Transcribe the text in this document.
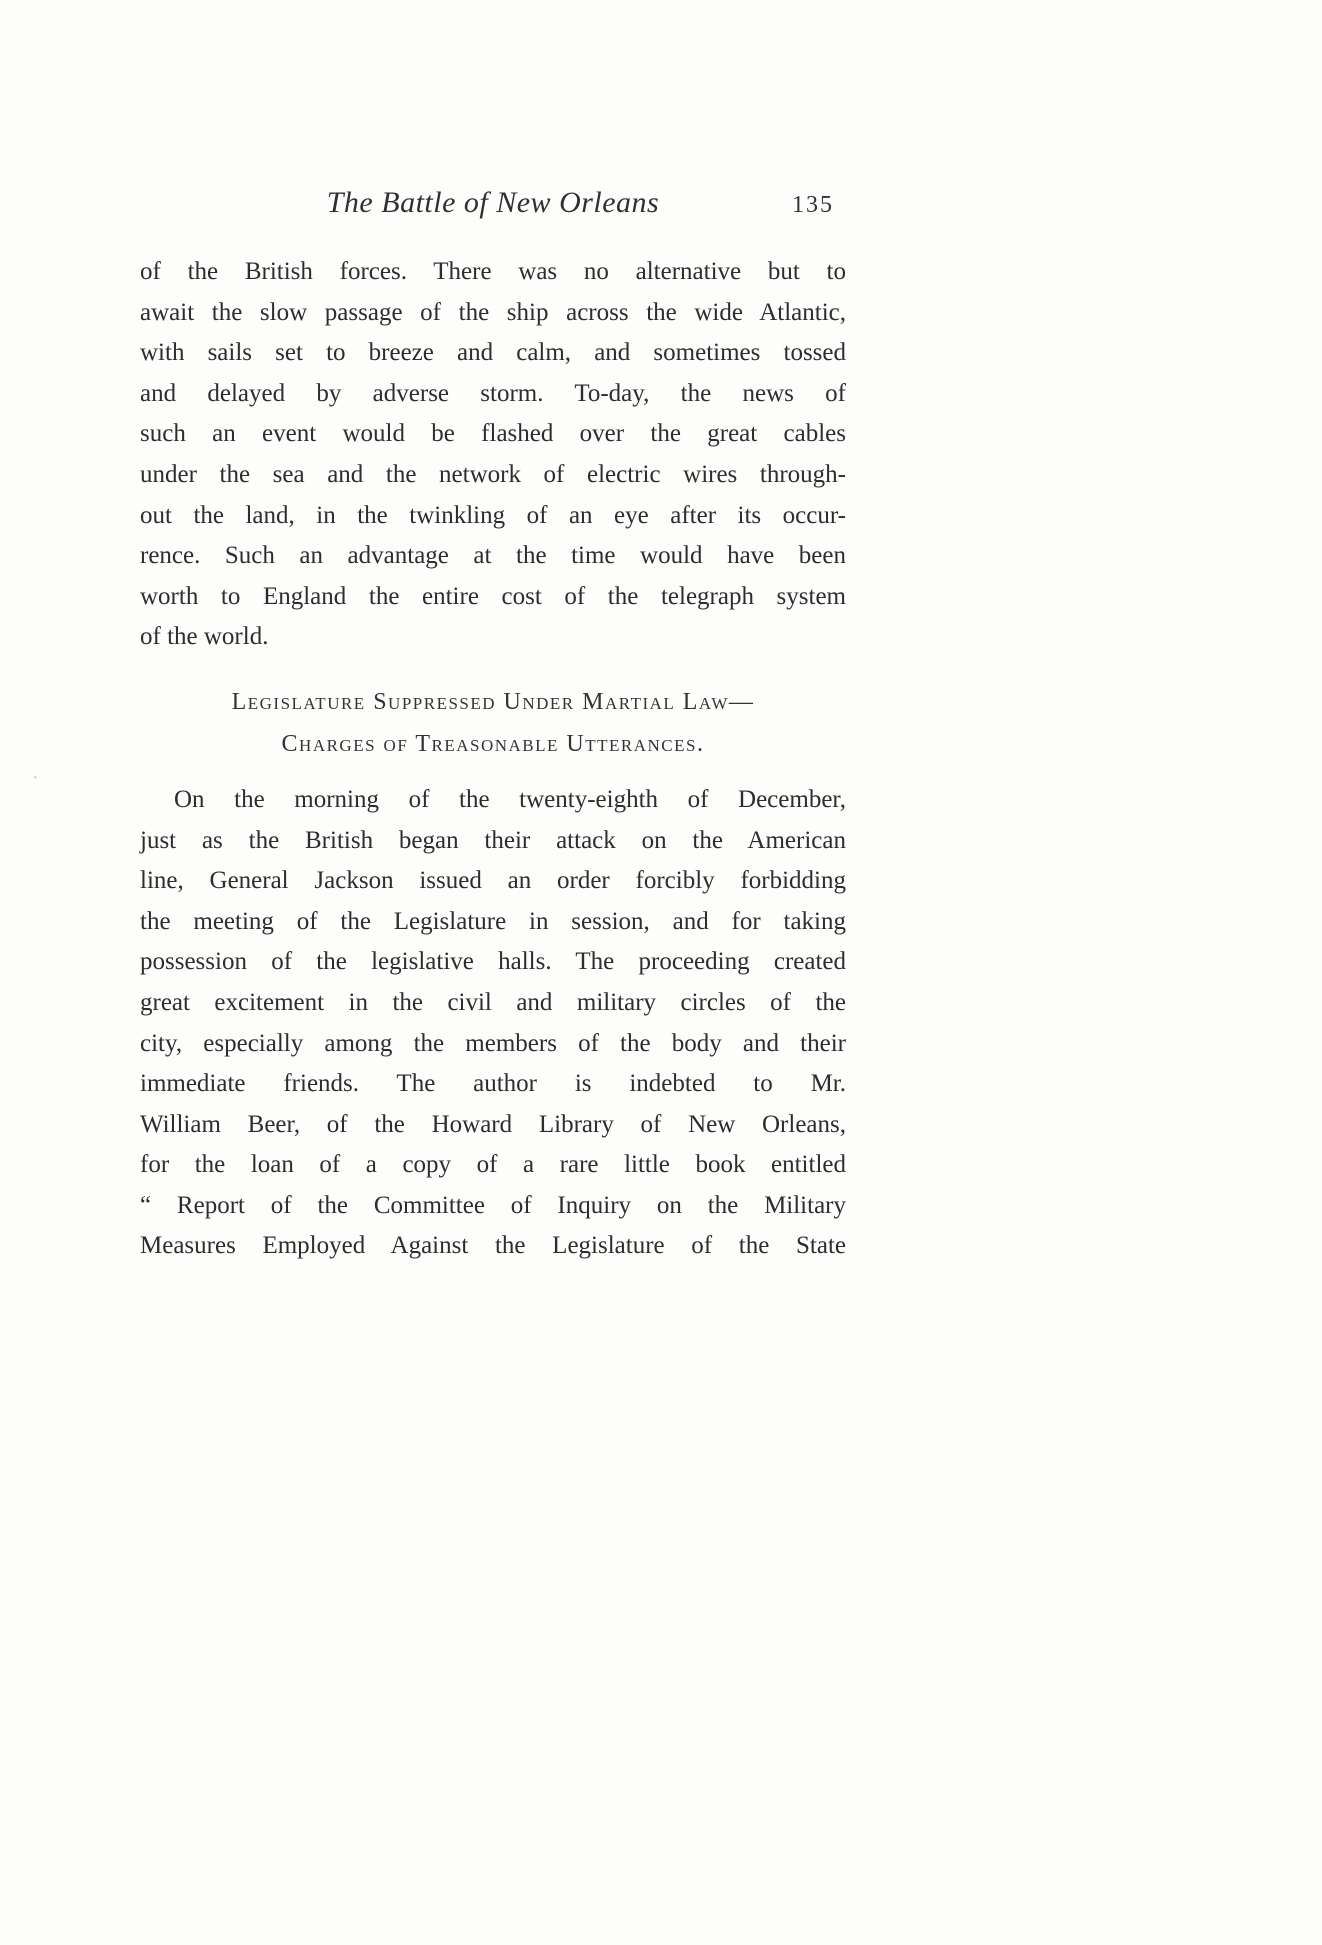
The Battle of New Orleans	135
of the British forces. There was no alternative but to
await the slow passage of the ship across the wide Atlantic,
with sails set to breeze and calm, and sometimes tossed
and delayed by adverse storm. To-day, the news of
such an event would be flashed over the great cables
under the sea and the network of electric wires through-
out the land, in the twinkling of an eye after its occur-
rence. Such an advantage at the time would have been
worth to England the entire cost of the telegraph system
of the world.
Legislature Suppressed Under Martial Law—
Charges of Treasonable Utterances.
On the morning of the twenty-eighth of December,
just as the British began their attack on the American
line, General Jackson issued an order forcibly forbidding
the meeting of the Legislature in session, and for taking
possession of the legislative halls. The proceeding created
great excitement in the civil and military circles of the
city, especially among the members of the body and their
immediate friends. The author is indebted to Mr.
William Beer, of the Howard Library of New Orleans,
for the loan of a copy of a rare little book entitled
“ Report of the Committee of Inquiry on the Military
Measures Employed Against the Legislature of the State
·
